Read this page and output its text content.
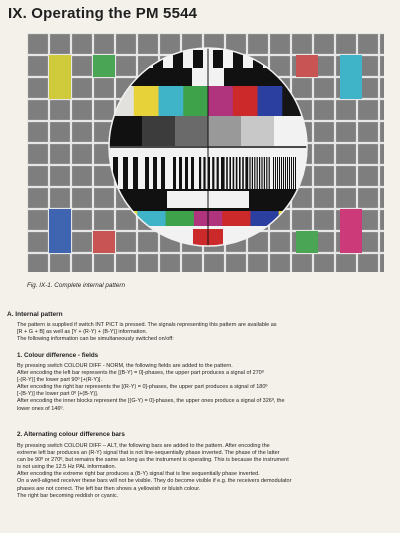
IX. Operating the PM 5544
Fig. IX-1. Complete internal pattern
A. Internal pattern

The pattern is supplied if switch INT PICT is pressed. The signals representing this pattern are available as

[R + G + B] as well as [Y + (R-Y) + (B-Y)] information.

The following information can be simultaneously switched on/off:

1. Colour difference - fields

By pressing switch COLOUR DIFF - NORM, the following fields are added to the pattern.

After encoding the left bar represents the [(B-Y) = 0]-phases, the upper part produces a signal of 270º

[-(R-Y)] the lower part 90º [+(R-Y)].

After encoding the right bar represents the [(R-Y) = 0]-phases, the upper part produces a signal of 180º

[-(B-Y)] the lower part 0º [+(B-Y)].

After encoding the inner blocks represent the [(G-Y) = 0]-phases, the upper ones produce a signal of 326º, the

lower ones of 146º.

2. Alternating colour difference bars

By pressing switch COLOUR DIFF – ALT, the following bars are added to the pattern. After encoding the

extreme left bar produces an (R-Y) signal that is not line-sequentially phase inverted. The phase of the latter

can be 90º or 270º, but remains the same as long as the instrument is operating. This is because the instrument

is not using the 12.5 Hz PAL information.

After encoding the extreme right bar produces a (B-Y) signal that is line sequentially phase inverted.

On a well-aligned receiver these bars will not be visible. They do become visible if e.g. the receivers demodulator

phases are not correct. The left bar then shows a yellowish or bluish colour.

The right bar becoming reddish or cyanic.
